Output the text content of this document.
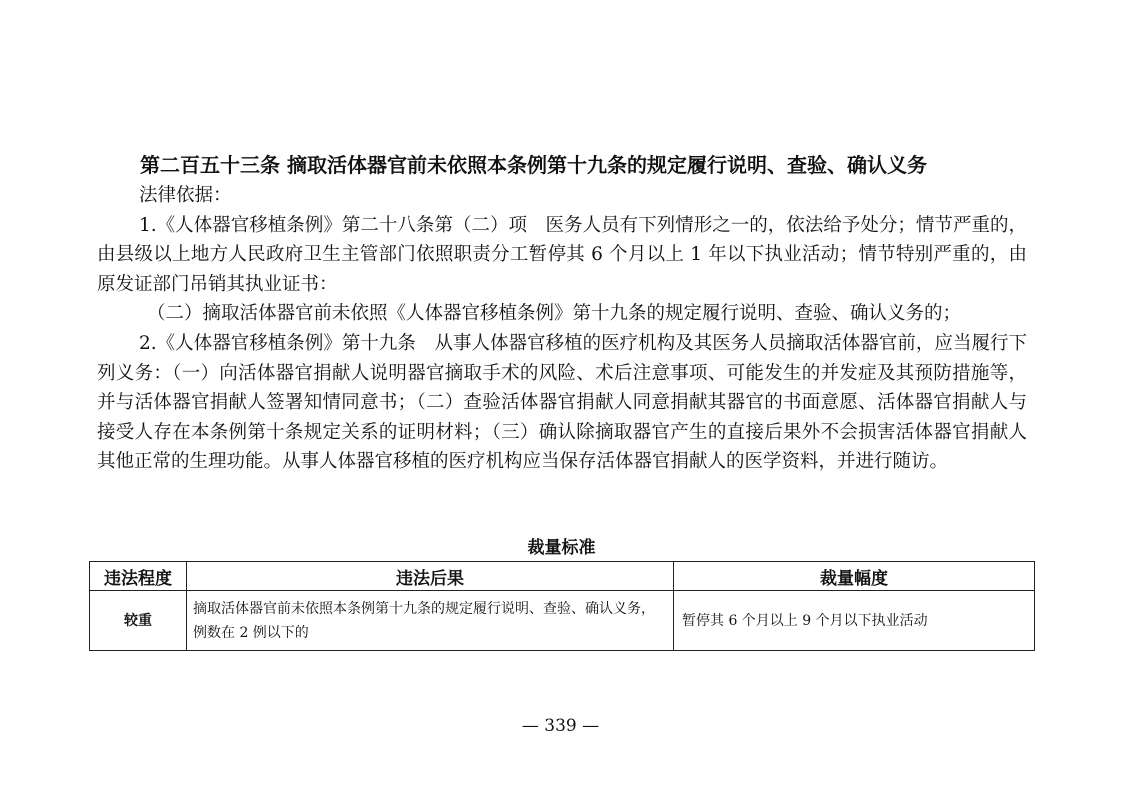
第二百五十三条 摘取活体器官前未依照本条例第十九条的规定履行说明、查验、确认义务

法律依据：

1.《人体器官移植条例》第二十八条第（二）项　医务人员有下列情形之一的，依法给予处分；情节严重的，由县级以上地方人民政府卫生主管部门依照职责分工暂停其 6 个月以上 1 年以下执业活动；情节特别严重的，由原发证部门吊销其执业证书：

（二）摘取活体器官前未依照《人体器官移植条例》第十九条的规定履行说明、查验、确认义务的；

2.《人体器官移植条例》第十九条　从事人体器官移植的医疗机构及其医务人员摘取活体器官前，应当履行下列义务：（一）向活体器官捐献人说明器官摘取手术的风险、术后注意事项、可能发生的并发症及其预防措施等，并与活体器官捐献人签署知情同意书；（二）查验活体器官捐献人同意捐献其器官的书面意愿、活体器官捐献人与接受人存在本条例第十条规定关系的证明材料；（三）确认除摘取器官产生的直接后果外不会损害活体器官捐献人其他正常的生理功能。从事人体器官移植的医疗机构应当保存活体器官捐献人的医学资料，并进行随访。

裁量标准
违法程度	违法后果	裁量幅度
较重	摘取活体器官前未依照本条例第十九条的规定履行说明、查验、确认义务，例数在 2 例以下的	暂停其 6 个月以上 9 个月以下执业活动
— 339 —
